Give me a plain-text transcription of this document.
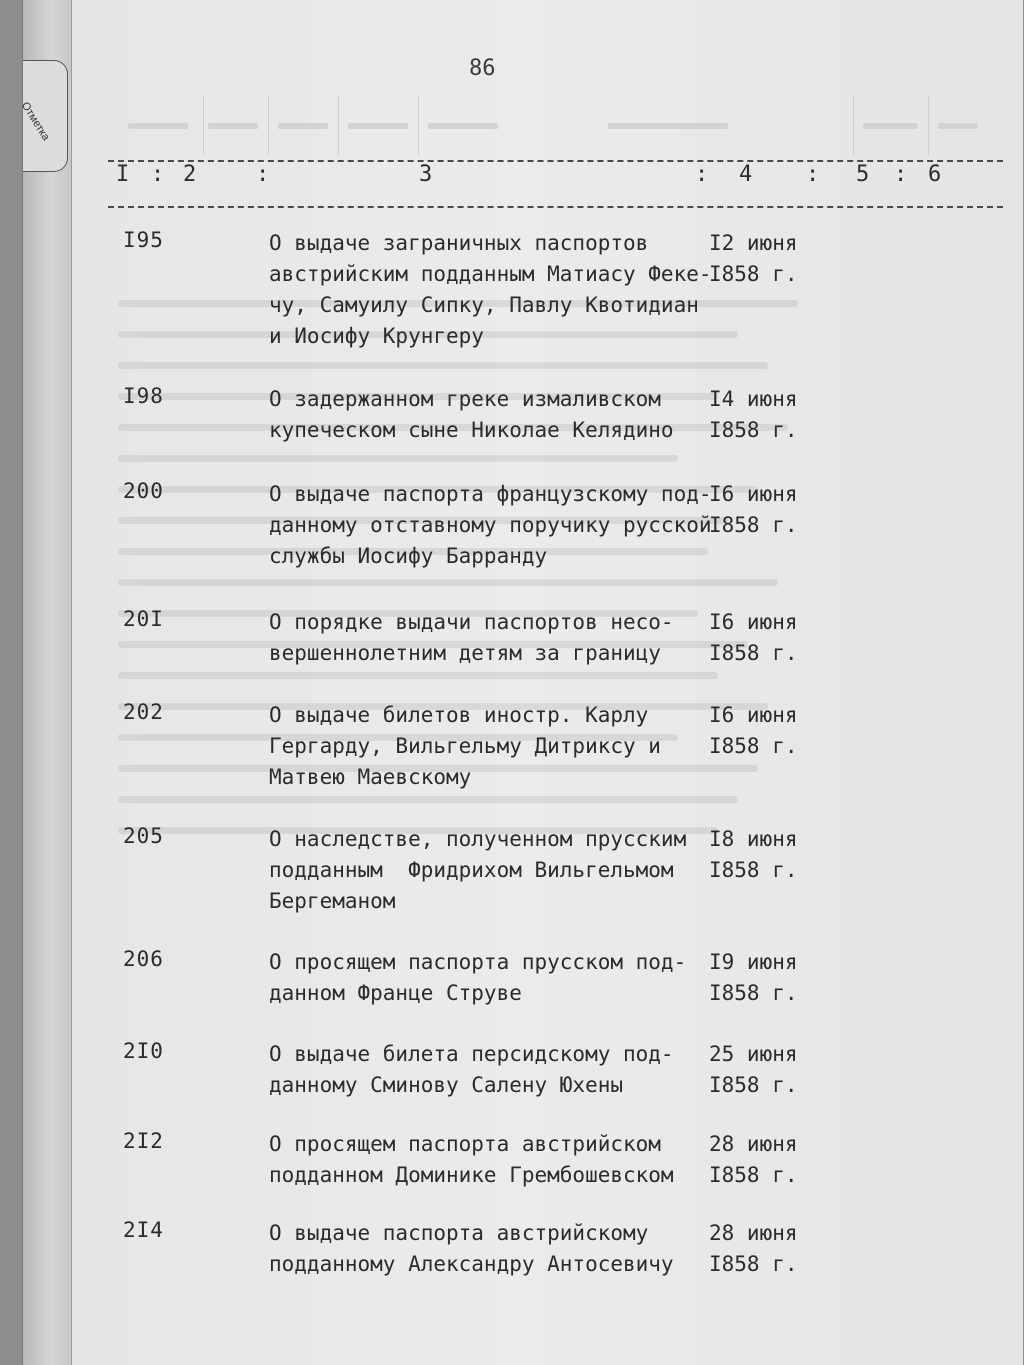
Отметка
86
I : 2	:	3	: 4 : 5 : 6
I95	О выдаче заграничных паспортов
австрийским подданным Матиасу Феке-
чу, Самуилу Сипку, Павлу Квотидиан
и Иосифу Крунгеру
I2 июня
I858 г.
I98	О задержанном греке измаливском
купеческом сыне Николае Келядино
I4 июня
I858 г.
200	О выдаче паспорта французскому под-
данному отставному поручику русской
службы Иосифу Барранду
I6 июня
I858 г.
20I	О порядке выдачи паспортов несо-
вершеннолетним детям за границу
I6 июня
I858 г.
202	О выдаче билетов иностр. Карлу
Гергарду, Вильгельму Дитриксу и
Матвею Маевскому
I6 июня
I858 г.
205	О наследстве, полученном прусским
подданным  Фридрихом Вильгельмом
Бергеманом
I8 июня
I858 г.
206	О просящем паспорта прусском под-
данном Франце Струве
I9 июня
I858 г.
2I0	О выдаче билета персидскому под-
данному Сминову Салену Юхены
25 июня
I858 г.
2I2	О просящем паспорта австрийском
подданном Доминике Грембошевском
28 июня
I858 г.
2I4	О выдаче паспорта австрийскому
подданному Александру Антосевичу
28 июня
I858 г.
